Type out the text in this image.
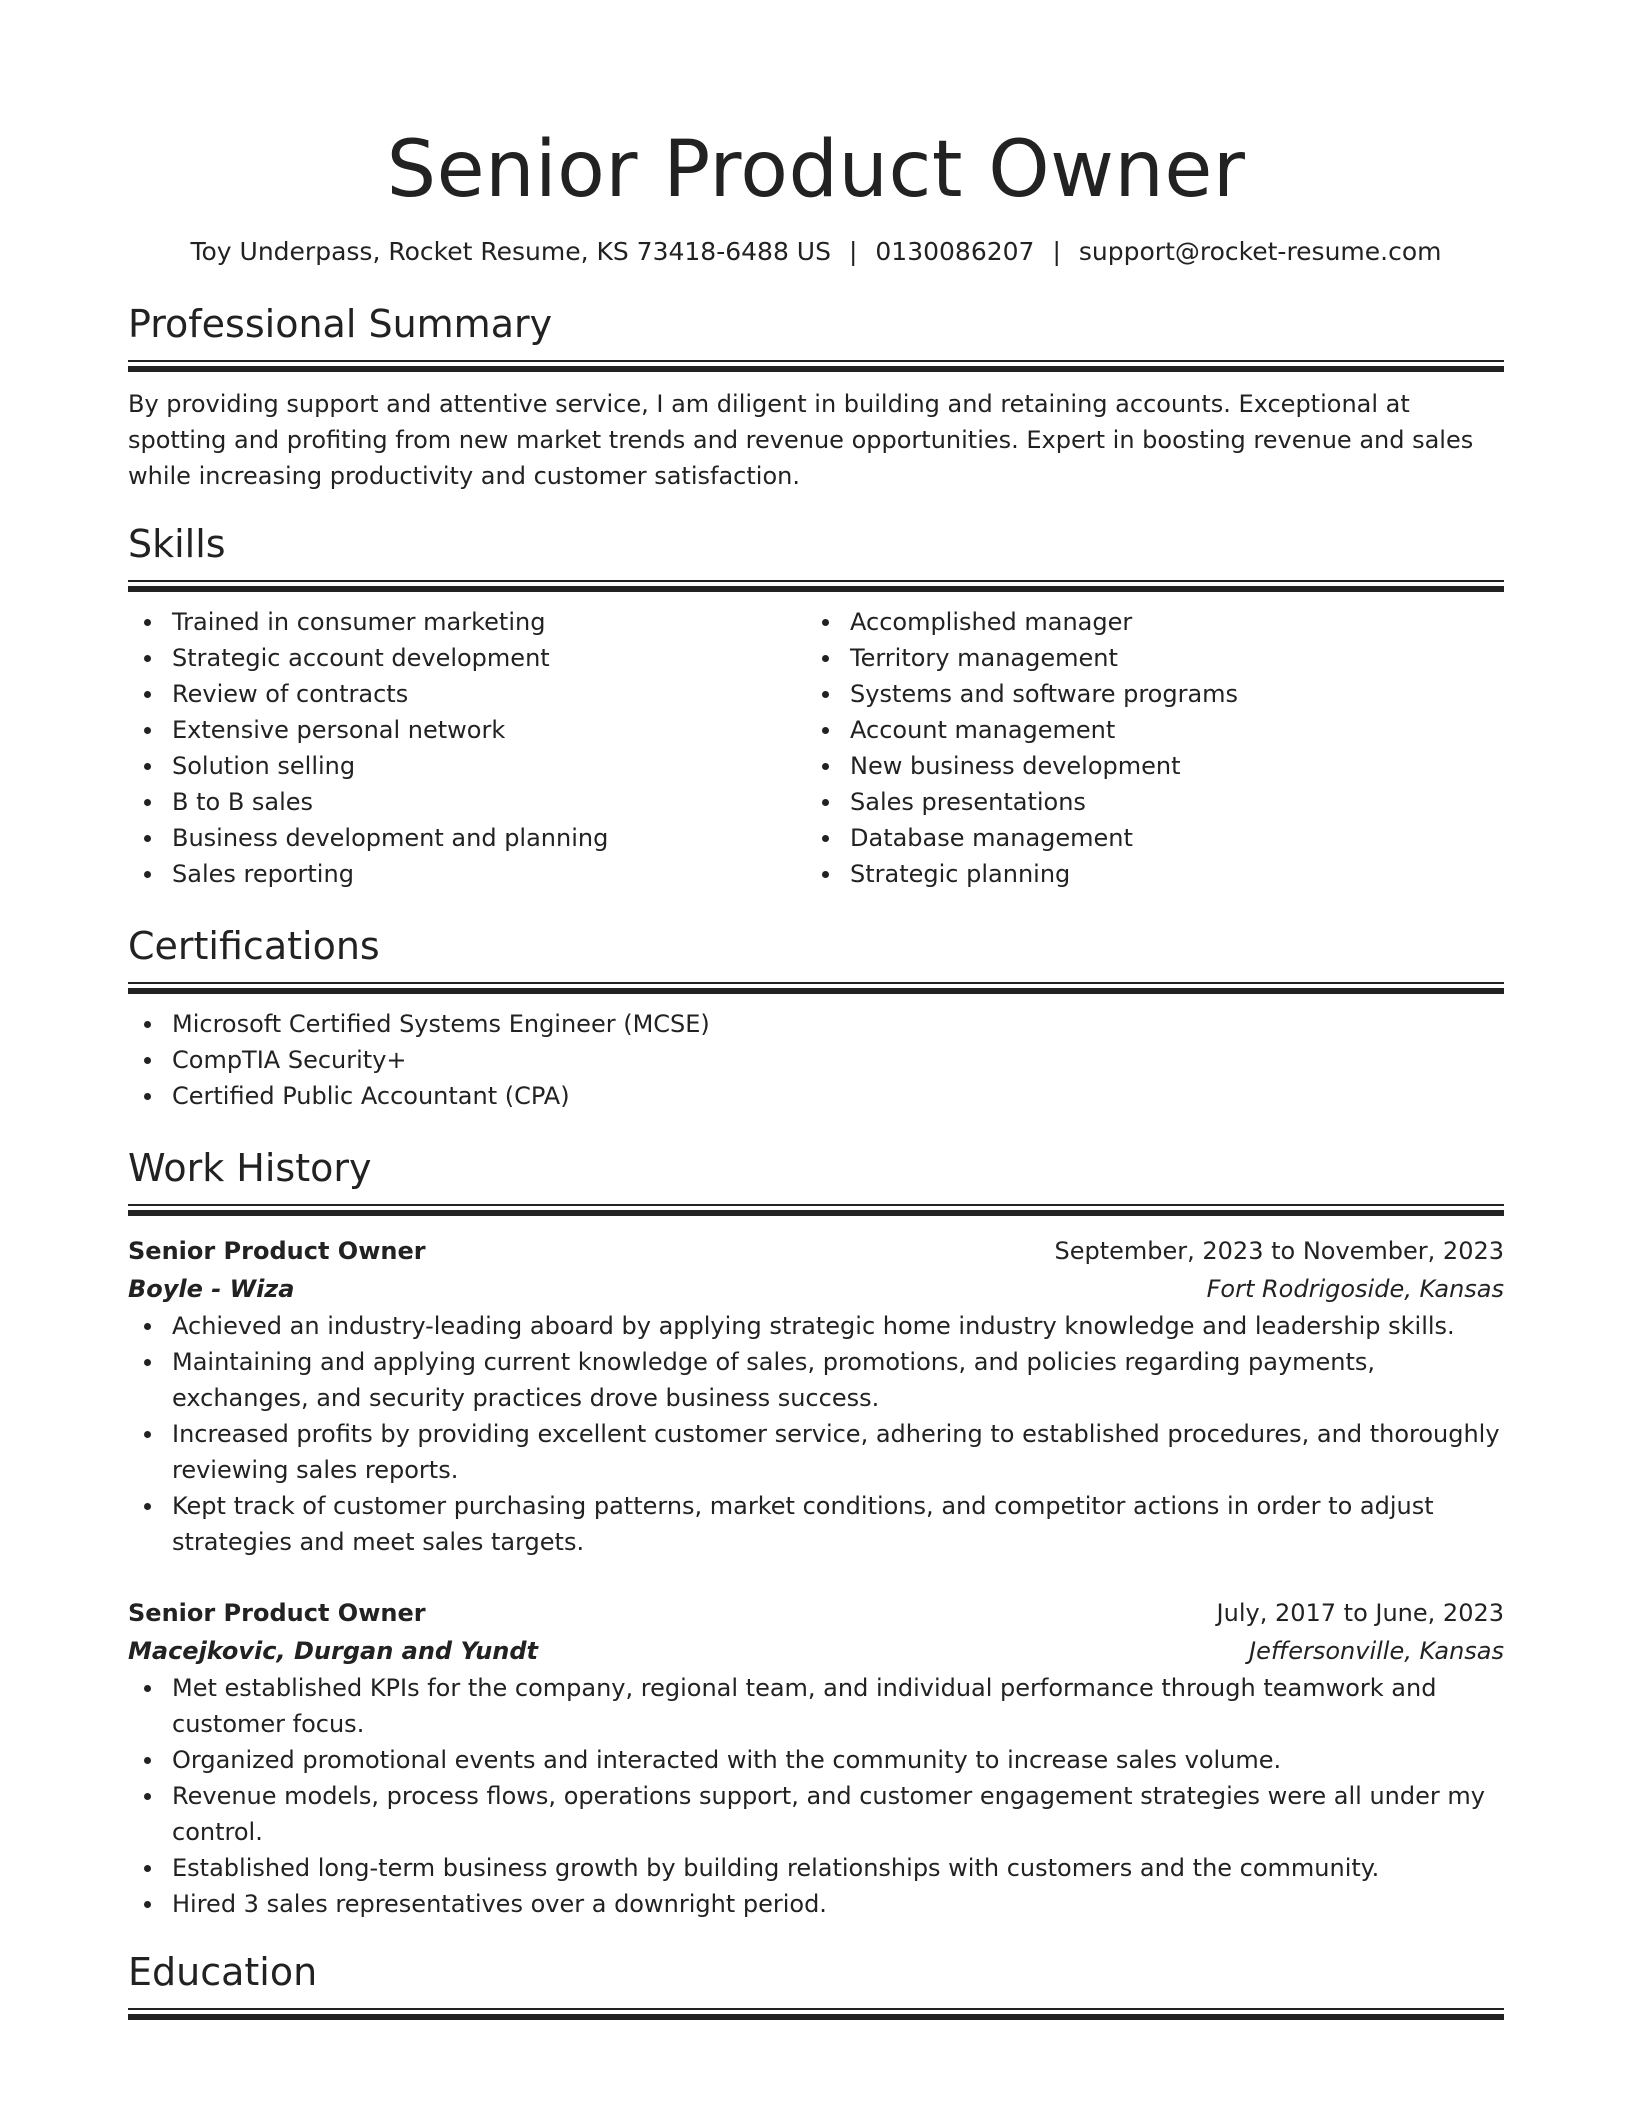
Senior Product Owner
Toy Underpass, Rocket Resume, KS 73418-6488 US | 0130086207 | support@rocket-resume.com
Professional Summary

By providing support and attentive service, I am diligent in building and retaining accounts. Exceptional at spotting and profiting from new market trends and revenue opportunities. Expert in boosting revenue and sales while increasing productivity and customer satisfaction.

Skills
Trained in consumer marketing
Strategic account development
Review of contracts
Extensive personal network
Solution selling
B to B sales
Business development and planning
Sales reporting
Accomplished manager
Territory management
Systems and software programs
Account management
New business development
Sales presentations
Database management
Strategic planning
Certifications
Microsoft Certified Systems Engineer (MCSE)
CompTIA Security+
Certified Public Accountant (CPA)
Work History
Senior Product Owner	September, 2023 to November, 2023
Boyle - Wiza	Fort Rodrigoside, Kansas
Achieved an industry-leading aboard by applying strategic home industry knowledge and leadership skills.
Maintaining and applying current knowledge of sales, promotions, and policies regarding payments, exchanges, and security practices drove business success.
Increased profits by providing excellent customer service, adhering to established procedures, and thoroughly reviewing sales reports.
Kept track of customer purchasing patterns, market conditions, and competitor actions in order to adjust strategies and meet sales targets.
Senior Product Owner	July, 2017 to June, 2023
Macejkovic, Durgan and Yundt	Jeffersonville, Kansas
Met established KPIs for the company, regional team, and individual performance through teamwork and customer focus.
Organized promotional events and interacted with the community to increase sales volume.
Revenue models, process flows, operations support, and customer engagement strategies were all under my control.
Established long-term business growth by building relationships with customers and the community.
Hired 3 sales representatives over a downright period.
Education
